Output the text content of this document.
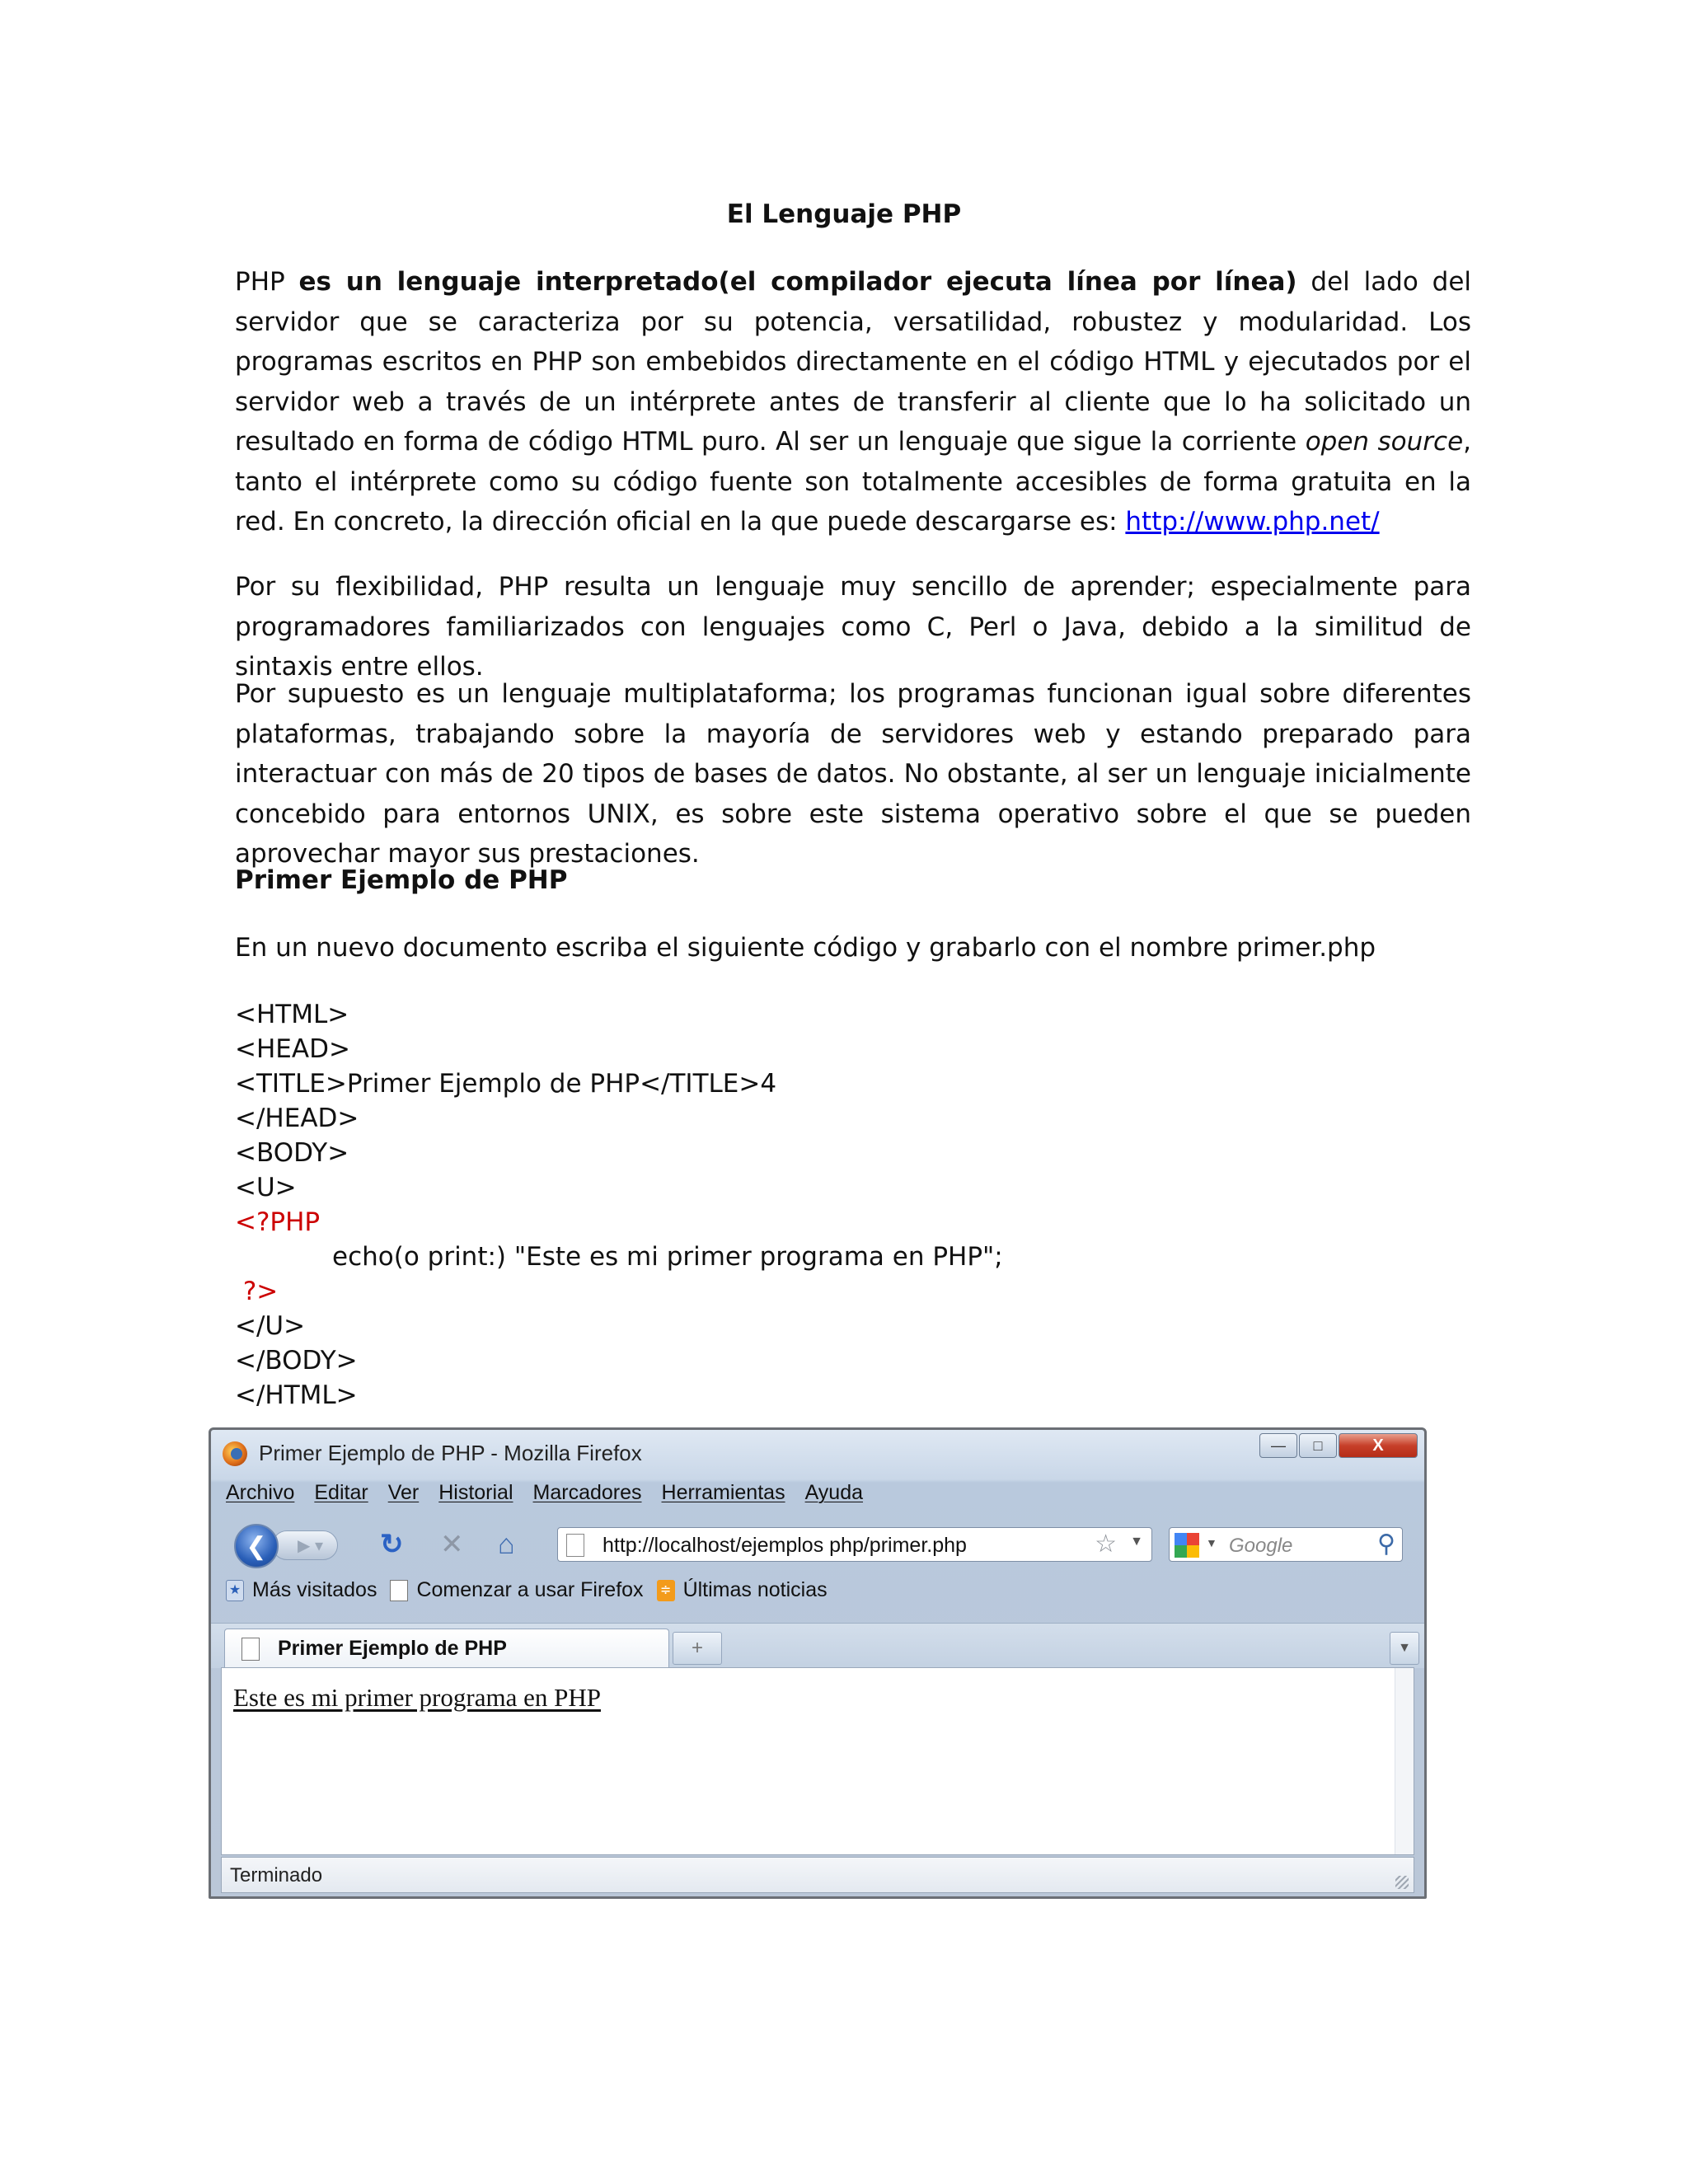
El Lenguaje PHP

PHP es un lenguaje interpretado(el compilador ejecuta línea por línea) del lado del servidor que se caracteriza por su potencia, versatilidad, robustez y modularidad. Los programas escritos en PHP son embebidos directamente en el código HTML y ejecutados por el servidor web a través de un intérprete antes de transferir al cliente que lo ha solicitado un resultado en forma de código HTML puro. Al ser un lenguaje que sigue la corriente open source, tanto el intérprete como su código fuente son totalmente accesibles de forma gratuita en la red. En concreto, la dirección oficial en la que puede descargarse es: http://www.php.net/

Por su flexibilidad, PHP resulta un lenguaje muy sencillo de aprender; especialmente para programadores familiarizados con lenguajes como C, Perl o Java, debido a la similitud de sintaxis entre ellos.

Por supuesto es un lenguaje multiplataforma; los programas funcionan igual sobre diferentes plataformas, trabajando sobre la mayoría de servidores web y estando preparado para interactuar con más de 20 tipos de bases de datos. No obstante, al ser un lenguaje inicialmente concebido para entornos UNIX, es sobre este sistema operativo sobre el que se pueden aprovechar mayor sus prestaciones.

Primer Ejemplo de PHP

En un nuevo documento escriba el siguiente código y grabarlo con el nombre primer.php

<HTML>
<HEAD>
<TITLE>Primer Ejemplo de PHP</TITLE>4
</HEAD>
<BODY>
<U>
<?PHP
echo(o print:) "Este es mi primer programa en PHP";
?>
</U>
</BODY>
</HTML>
Primer Ejemplo de PHP - Mozilla Firefox	—	□	X
Archivo Editar Ver Historial Marcadores Herramientas Ayuda
▶ ▾
❮	↻ ✕ ⌂	http://localhost/ejemplos php/primer.php	☆ ▼	▼ Google	⚲
★ Más visitados Comenzar a usar Firefox ≑ Últimas noticias
Primer Ejemplo de PHP	+	▼
Este es mi primer programa en PHP
Terminado
